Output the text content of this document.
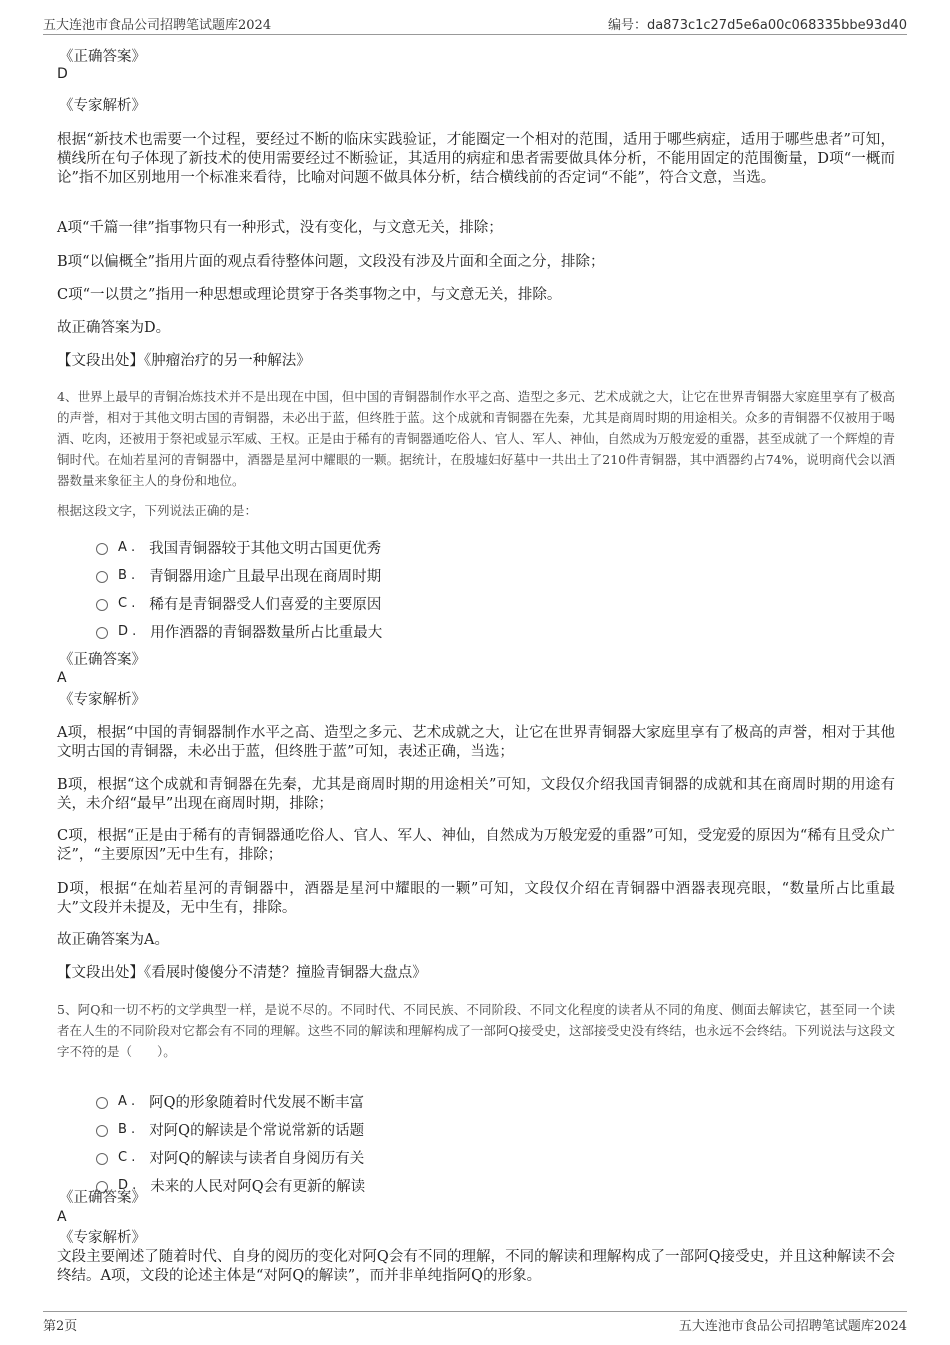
五大连池市食品公司招聘笔试题库2024	编号：da873c1c27d5e6a00c068335bbe93d40
《正确答案》
D
《专家解析》
根据“新技术也需要一个过程，要经过不断的临床实践验证，才能圈定一个相对的范围，适用于哪些病症，适用于哪些患者”可知，横线所在句子体现了新技术的使用需要经过不断验证，其适用的病症和患者需要做具体分析，不能用固定的范围衡量，D项“一概而论”指不加区别地用一个标准来看待，比喻对问题不做具体分析，结合横线前的否定词“不能”，符合文意，当选。
A项“千篇一律”指事物只有一种形式，没有变化，与文意无关，排除；
B项“以偏概全”指用片面的观点看待整体问题，文段没有涉及片面和全面之分，排除；
C项“一以贯之”指用一种思想或理论贯穿于各类事物之中，与文意无关，排除。
故正确答案为D。
【文段出处】《肿瘤治疗的另一种解法》
4、世界上最早的青铜冶炼技术并不是出现在中国，但中国的青铜器制作水平之高、造型之多元、艺术成就之大，让它在世界青铜器大家庭里享有了极高的声誉，相对于其他文明古国的青铜器，未必出于蓝，但终胜于蓝。这个成就和青铜器在先秦，尤其是商周时期的用途相关。众多的青铜器不仅被用于喝酒、吃肉，还被用于祭祀或显示军威、王权。正是由于稀有的青铜器通吃俗人、官人、军人、神仙，自然成为万般宠爱的重器，甚至成就了一个辉煌的青铜时代。在灿若星河的青铜器中，酒器是星河中耀眼的一颗。据统计，在殷墟妇好墓中一共出土了210件青铜器，其中酒器约占74%，说明商代会以酒器数量来象征主人的身份和地位。
根据这段文字，下列说法正确的是：
A . 我国青铜器较于其他文明古国更优秀
B . 青铜器用途广且最早出现在商周时期
C . 稀有是青铜器受人们喜爱的主要原因
D . 用作酒器的青铜器数量所占比重最大
《正确答案》
A
《专家解析》
A项，根据“中国的青铜器制作水平之高、造型之多元、艺术成就之大，让它在世界青铜器大家庭里享有了极高的声誉，相对于其他文明古国的青铜器，未必出于蓝，但终胜于蓝”可知，表述正确，当选；
B项，根据“这个成就和青铜器在先秦，尤其是商周时期的用途相关”可知，文段仅介绍我国青铜器的成就和其在商周时期的用途有关，未介绍“最早”出现在商周时期，排除；
C项，根据“正是由于稀有的青铜器通吃俗人、官人、军人、神仙，自然成为万般宠爱的重器”可知，受宠爱的原因为“稀有且受众广泛”，“主要原因”无中生有，排除；
D项，根据“在灿若星河的青铜器中，酒器是星河中耀眼的一颗”可知，文段仅介绍在青铜器中酒器表现亮眼，“数量所占比重最大”文段并未提及，无中生有，排除。
故正确答案为A。
【文段出处】《看展时傻傻分不清楚？撞脸青铜器大盘点》
5、阿Q和一切不朽的文学典型一样，是说不尽的。不同时代、不同民族、不同阶段、不同文化程度的读者从不同的角度、侧面去解读它，甚至同一个读者在人生的不同阶段对它都会有不同的理解。这些不同的解读和理解构成了一部阿Q接受史，这部接受史没有终结，也永远不会终结。下列说法与这段文字不符的是（　　）。
A . 阿Q的形象随着时代发展不断丰富
B . 对阿Q的解读是个常说常新的话题
C . 对阿Q的解读与读者自身阅历有关
D . 未来的人民对阿Q会有更新的解读
《正确答案》
A
《专家解析》
文段主要阐述了随着时代、自身的阅历的变化对阿Q会有不同的理解，不同的解读和理解构成了一部阿Q接受史，并且这种解读不会终结。A项，文段的论述主体是“对阿Q的解读”，而并非单纯指阿Q的形象。
第2页	五大连池市食品公司招聘笔试题库2024
